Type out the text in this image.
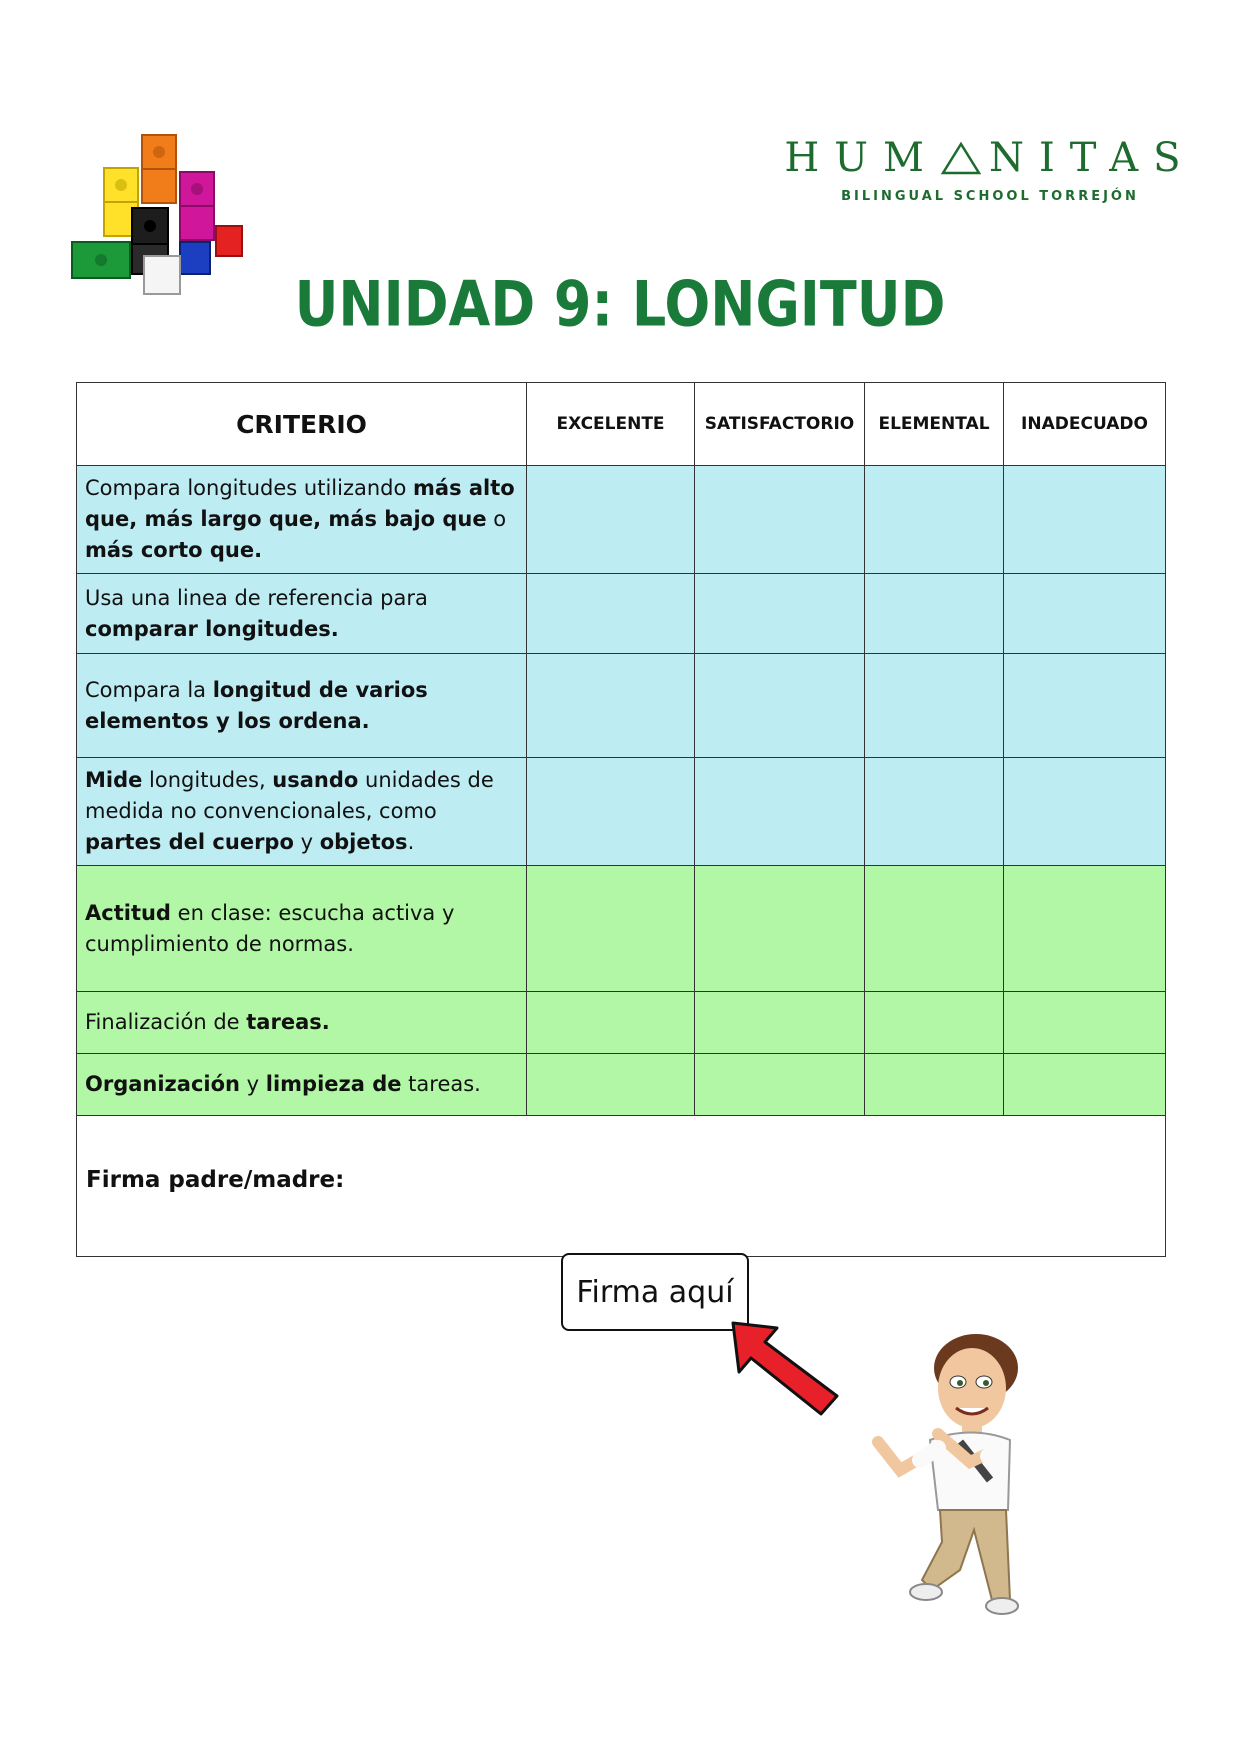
HUM NITAS
BILINGUAL SCHOOL TORREJÓN
UNIDAD 9: LONGITUD
CRITERIO	EXCELENTE	SATISFACTORIO	ELEMENTAL	INADECUADO
Compara longitudes utilizando más alto que, más largo que, más bajo que o más corto que.				
Usa una linea de referencia para comparar longitudes.				
Compara la longitud de varios elementos y los ordena.				
Mide longitudes, usando unidades de medida no convencionales, como partes del cuerpo y objetos.				
Actitud en clase: escucha activa y cumplimiento de normas.				
Finalización de tareas.				
Organización y limpieza de tareas.				

Firma padre/madre:				
Firma aquí
